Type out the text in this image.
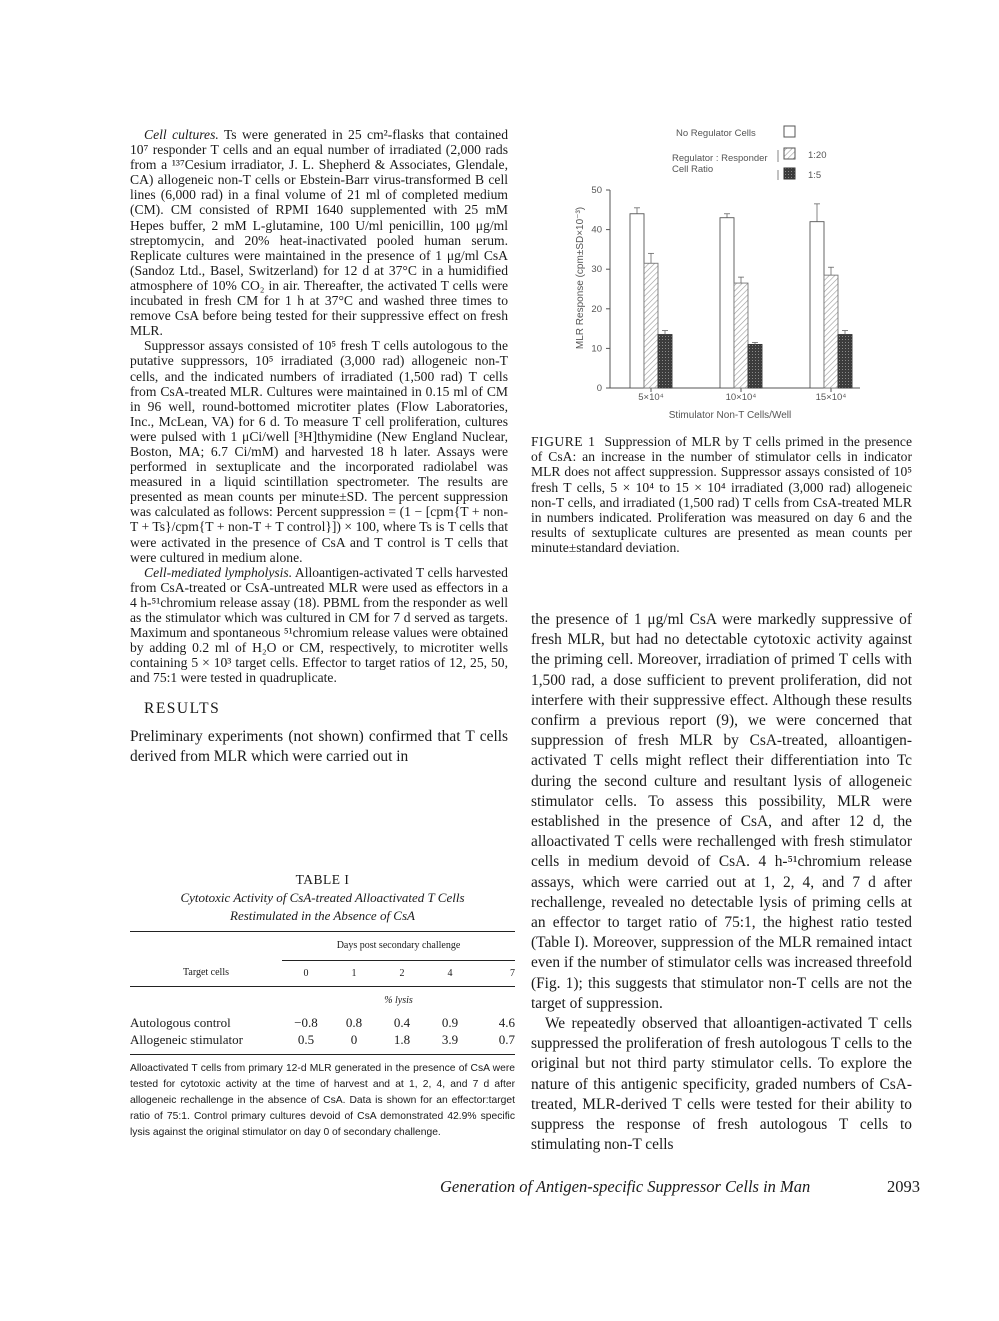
Cell cultures. Ts were generated in 25 cm²-flasks that contained 10⁷ responder T cells and an equal number of irradiated (2,000 rads from a ¹³⁷Cesium irradiator, J. L. Shepherd & Associates, Glendale, CA) allogeneic non-T cells or Ebstein-Barr virus-transformed B cell lines (6,000 rad) in a final volume of 21 ml of completed medium (CM). CM consisted of RPMI 1640 supplemented with 25 mM Hepes buffer, 2 mM L-glutamine, 100 U/ml penicillin, 100 μg/ml streptomycin, and 20% heat-inactivated pooled human serum. Replicate cultures were maintained in the presence of 1 μg/ml CsA (Sandoz Ltd., Basel, Switzerland) for 12 d at 37°C in a humidified atmosphere of 10% CO₂ in air. Thereafter, the activated T cells were incubated in fresh CM for 1 h at 37°C and washed three times to remove CsA before being tested for their suppressive effect on fresh MLR.

Suppressor assays consisted of 10⁵ fresh T cells autologous to the putative suppressors, 10⁵ irradiated (3,000 rad) allogeneic non-T cells, and the indicated numbers of irradiated (1,500 rad) T cells from CsA-treated MLR. Cultures were maintained in 0.15 ml of CM in 96 well, round-bottomed microtiter plates (Flow Laboratories, Inc., McLean, VA) for 6 d. To measure T cell proliferation, cultures were pulsed with 1 μCi/well [³H]thymidine (New England Nuclear, Boston, MA; 6.7 Ci/mM) and harvested 18 h later. Assays were performed in sextuplicate and the incorporated radiolabel was measured in a liquid scintillation spectrometer. The results are presented as mean counts per minute±SD. The percent suppression was calculated as follows: Percent suppression = (1 − [cpm{T + non-T + Ts}/cpm{T + non-T + T control}]) × 100, where Ts is T cells that were activated in the presence of CsA and T control is T cells that were cultured in medium alone.

Cell-mediated lympholysis. Alloantigen-activated T cells harvested from CsA-treated or CsA-untreated MLR were used as effectors in a 4 h-⁵¹chromium release assay (18). PBML from the responder as well as the stimulator which was cultured in CM for 7 d served as targets. Maximum and spontaneous ⁵¹chromium release values were obtained by adding 0.2 ml of H₂O or CM, respectively, to microtiter wells containing 5 × 10³ target cells. Effector to target ratios of 12, 25, 50, and 75:1 were tested in quadruplicate.

RESULTS

Preliminary experiments (not shown) confirmed that T cells derived from MLR which were carried out in

TABLE I
Cytotoxic Activity of CsA-treated Alloactivated T Cells
Restimulated in the Absence of CsA
	Days post secondary challenge				
Target cells	0	1	2	4	7

	% lysis				
Autologous control	−0.8	0.8	0.4	0.9	4.6
Allogeneic stimulator	0.5	0	1.8	3.9	0.7
Alloactivated T cells from primary 12-d MLR generated in the presence of CsA were tested for cytotoxic activity at the time of harvest and at 1, 2, 4, and 7 d after allogeneic rechallenge in the absence of CsA. Data is shown for an effector:target ratio of 75:1. Control primary cultures devoid of CsA demonstrated 42.9% specific lysis against the original stimulator on day 0 of secondary challenge.
No Regulator Cells
Regulator : Responder
Cell Ratio
1:20
1:5
0
10
20
30
40
50
5×10⁴	10×10⁴	15×10⁴
MLR Response (cpm±SD×10⁻³)
Stimulator Non-T Cells/Well
FIGURE 1 Suppression of MLR by T cells primed in the presence of CsA: an increase in the number of stimulator cells in indicator MLR does not affect suppression. Suppressor assays consisted of 10⁵ fresh T cells, 5 × 10⁴ to 15 × 10⁴ irradiated (3,000 rad) allogeneic non-T cells, and irradiated (1,500 rad) T cells from CsA-treated MLR in numbers indicated. Proliferation was measured on day 6 and the results of sextuplicate cultures are presented as mean counts per minute±standard deviation.

the presence of 1 μg/ml CsA were markedly suppressive of fresh MLR, but had no detectable cytotoxic activity against the priming cell. Moreover, irradiation of primed T cells with 1,500 rad, a dose sufficient to prevent proliferation, did not interfere with their suppressive effect. Although these results confirm a previous report (9), we were concerned that suppression of fresh MLR by CsA-treated, alloantigen-activated T cells might reflect their differentiation into Tc during the second culture and resultant lysis of allogeneic stimulator cells. To assess this possibility, MLR were established in the presence of CsA, and after 12 d, the alloactivated T cells were rechallenged with fresh stimulator cells in medium devoid of CsA. 4 h-⁵¹chromium release assays, which were carried out at 1, 2, 4, and 7 d after rechallenge, revealed no detectable lysis of priming cells at an effector to target ratio of 75:1, the highest ratio tested (Table I). Moreover, suppression of the MLR remained intact even if the number of stimulator cells was increased threefold (Fig. 1); this suggests that stimulator non-T cells are not the target of suppression.

We repeatedly observed that alloantigen-activated T cells suppressed the proliferation of fresh autologous T cells to the original but not third party stimulator cells. To explore the nature of this antigenic specificity, graded numbers of CsA-treated, MLR-derived T cells were tested for their ability to suppress the response of fresh autologous T cells to stimulating non-T cells

Generation of Antigen-specific Suppressor Cells in Man	2093
